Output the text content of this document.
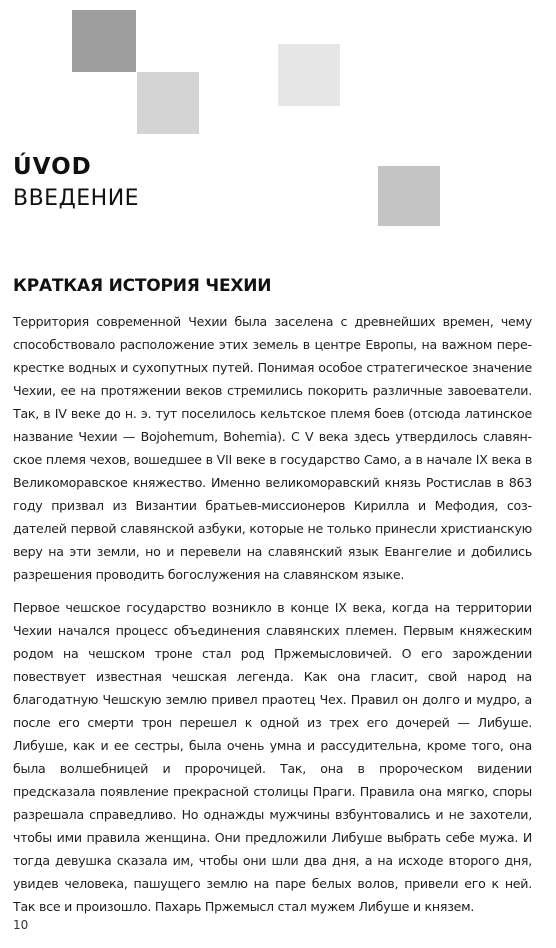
ÚVOD
ВВЕДЕНИЕ
КРАТКАЯ ИСТОРИЯ ЧЕХИИ

Территория современной Чехии была заселена с древнейших времен, чему способствовало расположение этих земель в центре Европы, на важном перекрестке водных и сухопутных путей. Понимая особое стратегическое значение Чехии, ее на протяжении веков стремились покорить различные завоеватели. Так, в IV веке до н. э. тут поселилось кельтское племя боев (отсюда латинское название Чехии — Bojohemum, Bohemia). С V века здесь утвердилось славянское племя чехов, вошедшее в VII веке в государство Само, а в начале IX века в Великоморавское княжество. Именно великоморавский князь Ростислав в 863 году призвал из Византии братьев-миссионеров Кирилла и Мефодия, создателей первой славянской азбуки, которые не только принесли христианскую веру на эти земли, но и перевели на славянский язык Евангелие и добились разрешения проводить богослужения на славянском языке.

Первое чешское государство возникло в конце IX века, когда на территории Чехии начался процесс объединения славянских племен. Первым княжеским родом на чешском троне стал род Пржемысловичей. О его зарождении повествует известная чешская легенда. Как она гласит, свой народ на благодатную Чешскую землю привел праотец Чех. Правил он долго и мудро, а после его смерти трон перешел к одной из трех его дочерей — Либуше. Либуше, как и ее сестры, была очень умна и рассудительна, кроме того, она была волшебницей и пророчицей. Так, она в пророческом видении предсказала появление прекрасной столицы Праги. Правила она мягко, споры разрешала справедливо. Но однажды мужчины взбунтовались и не захотели, чтобы ими правила женщина. Они предложили Либуше выбрать себе мужа. И тогда девушка сказала им, чтобы они шли два дня, а на исходе второго дня, увидев человека, пашущего землю на паре белых волов, привели его к ней. Так все и произошло. Пахарь Пржемысл стал мужем Либуше и князем.

10
